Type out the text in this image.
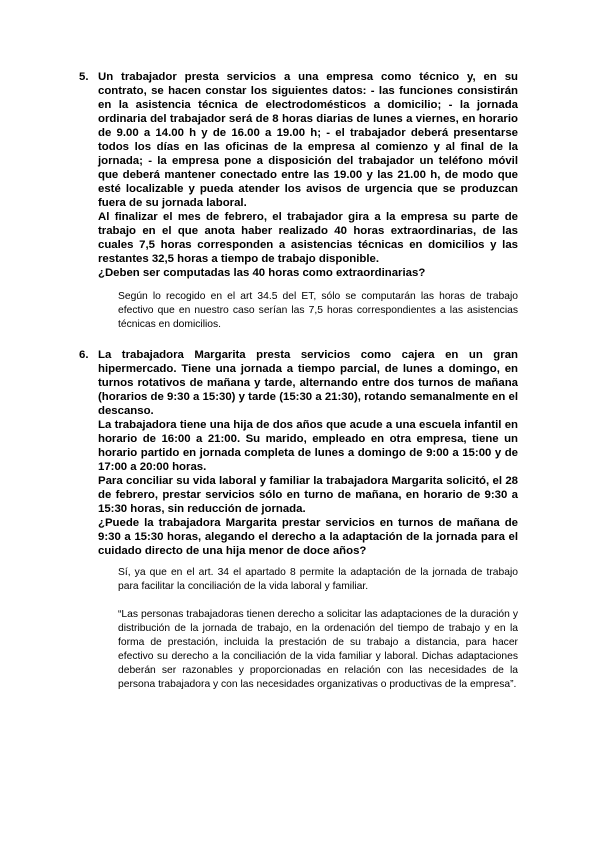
5. Un trabajador presta servicios a una empresa como técnico y, en su contrato, se hacen constar los siguientes datos: - las funciones consistirán en la asistencia técnica de electrodomésticos a domicilio; - la jornada ordinaria del trabajador será de 8 horas diarias de lunes a viernes, en horario de 9.00 a 14.00 h y de 16.00 a 19.00 h; - el trabajador deberá presentarse todos los días en las oficinas de la empresa al comienzo y al final de la jornada; - la empresa pone a disposición del trabajador un teléfono móvil que deberá mantener conectado entre las 19.00 y las 21.00 h, de modo que esté localizable y pueda atender los avisos de urgencia que se produzcan fuera de su jornada laboral.

Al finalizar el mes de febrero, el trabajador gira a la empresa su parte de trabajo en el que anota haber realizado 40 horas extraordinarias, de las cuales 7,5 horas corresponden a asistencias técnicas en domicilios y las restantes 32,5 horas a tiempo de trabajo disponible.

¿Deben ser computadas las 40 horas como extraordinarias?

Según lo recogido en el art 34.5 del ET, sólo se computarán las horas de trabajo efectivo que en nuestro caso serían las 7,5 horas correspondientes a las asistencias técnicas en domicilios.

6. La trabajadora Margarita presta servicios como cajera en un gran hipermercado. Tiene una jornada a tiempo parcial, de lunes a domingo, en turnos rotativos de mañana y tarde, alternando entre dos turnos de mañana (horarios de 9:30 a 15:30) y tarde (15:30 a 21:30), rotando semanalmente en el descanso.

La trabajadora tiene una hija de dos años que acude a una escuela infantil en horario de 16:00 a 21:00. Su marido, empleado en otra empresa, tiene un horario partido en jornada completa de lunes a domingo de 9:00 a 15:00 y de 17:00 a 20:00 horas.

Para conciliar su vida laboral y familiar la trabajadora Margarita solicitó, el 28 de febrero, prestar servicios sólo en turno de mañana, en horario de 9:30 a 15:30 horas, sin reducción de jornada.

¿Puede la trabajadora Margarita prestar servicios en turnos de mañana de 9:30 a 15:30 horas, alegando el derecho a la adaptación de la jornada para el cuidado directo de una hija menor de doce años?

Sí, ya que en el art. 34 el apartado 8 permite la adaptación de la jornada de trabajo para facilitar la conciliación de la vida laboral y familiar.

“Las personas trabajadoras tienen derecho a solicitar las adaptaciones de la duración y distribución de la jornada de trabajo, en la ordenación del tiempo de trabajo y en la forma de prestación, incluida la prestación de su trabajo a distancia, para hacer efectivo su derecho a la conciliación de la vida familiar y laboral. Dichas adaptaciones deberán ser razonables y proporcionadas en relación con las necesidades de la persona trabajadora y con las necesidades organizativas o productivas de la empresa”.
